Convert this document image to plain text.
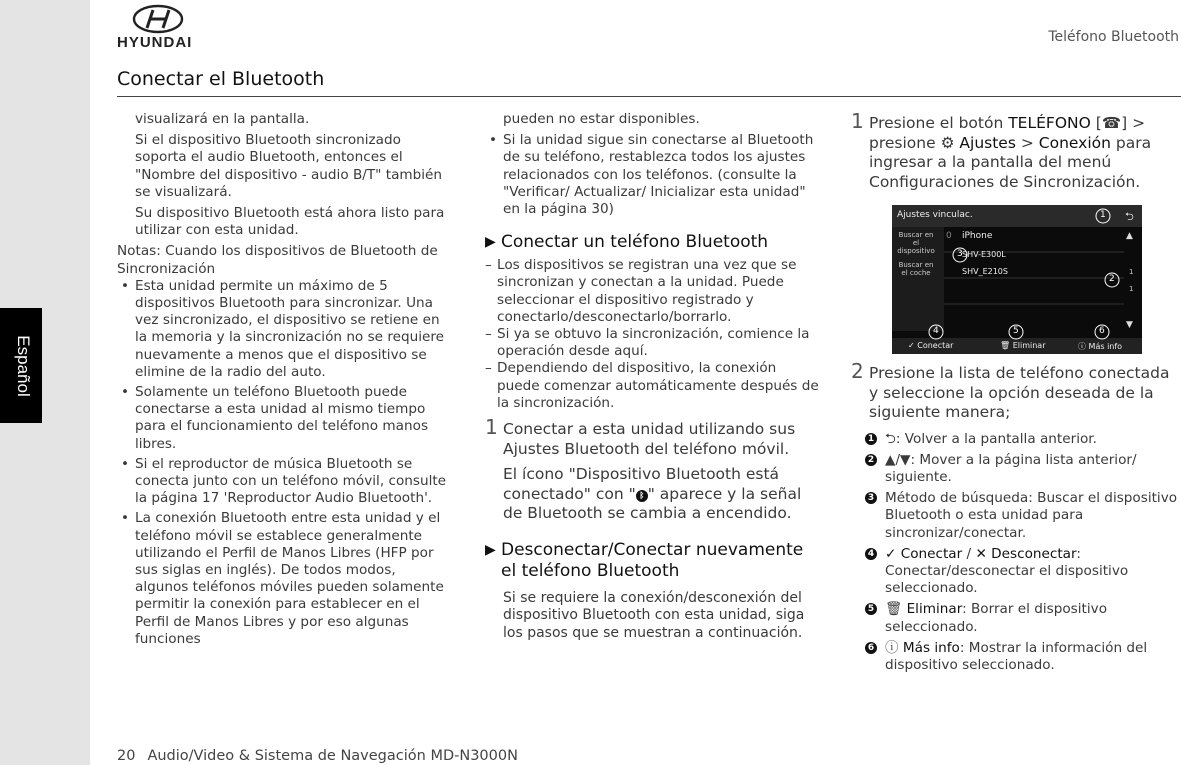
Español
HYUNDAI	Teléfono Bluetooth
Conectar el Bluetooth

visualizará en la pantalla.

Si el dispositivo Bluetooth sincronizado soporta el audio Bluetooth, entonces el "Nombre del dispositivo - audio B/T" también se visualizará.

Su dispositivo Bluetooth está ahora listo para utilizar con esta unidad.

Notas: Cuando los dispositivos de Bluetooth de Sincronización

• Esta unidad permite un máximo de 5 dispositivos Bluetooth para sincronizar. Una vez sincronizado, el dispositivo se retiene en la memoria y la sincronización no se requiere nuevamente a menos que el dispositivo se elimine de la radio del auto.

• Solamente un teléfono Bluetooth puede conectarse a esta unidad al mismo tiempo para el funcionamiento del teléfono manos libres.

• Si el reproductor de música Bluetooth se conecta junto con un teléfono móvil, consulte la página 17 'Reproductor Audio Bluetooth'.

• La conexión Bluetooth entre esta unidad y el teléfono móvil se establece generalmente utilizando el Perfil de Manos Libres (HFP por sus siglas en inglés). De todos modos, algunos teléfonos móviles pueden solamente permitir la conexión para establecer en el Perfil de Manos Libres y por eso algunas funciones

pueden no estar disponibles.

• Si la unidad sigue sin conectarse al Bluetooth de su teléfono, restablezca todos los ajustes relacionados con los teléfonos. (consulte la "Verificar/ Actualizar/ Inicializar esta unidad" en la página 30)

▶ Conectar un teléfono Bluetooth

– Los dispositivos se registran una vez que se sincronizan y conectan a la unidad. Puede seleccionar el dispositivo registrado y conectarlo/desconectarlo/borrarlo.

– Si ya se obtuvo la sincronización, comience la operación desde aquí.

– Dependiendo del dispositivo, la conexión puede comenzar automáticamente después de la sincronización.

1 Conectar a esta unidad utilizando sus Ajustes Bluetooth del teléfono móvil.

El ícono "Dispositivo Bluetooth está conectado" con " ᛒ " aparece y la señal de Bluetooth se cambia a encendido.

▶ Desconectar/Conectar nuevamente el teléfono Bluetooth

Si se requiere la conexión/desconexión del dispositivo Bluetooth con esta unidad, siga los pasos que se muestran a continuación.

1 Presione el botón TELÉFONO [☎] > presione ⚙ Ajustes > Conexión para ingresar a la pantalla del menú Configuraciones de Sincronización.

Ajustes vinculac.	⮌
1
Buscar en el dispositivo
Buscar en el coche
3
0 iPhone
SHV-E300L
SHV_E210S
▲
1
1
2
▼
4	5	6
✓ Conectar	🗑 Eliminar	ⓘ Más info

2 Presione la lista de teléfono conectada y seleccione la opción deseada de la siguiente manera;

1 ⮌: Volver a la pantalla anterior.

2 ▲/▼: Mover a la página lista anterior/ siguiente.

3 Método de búsqueda: Buscar el dispositivo Bluetooth o esta unidad para sincronizar/conectar.

4 ✓ Conectar / ✕ Desconectar: Conectar/desconectar el dispositivo seleccionado.

5 🗑 Eliminar: Borrar el dispositivo seleccionado.

6 ⓘ Más info: Mostrar la información del dispositivo seleccionado.

20 Audio/Video & Sistema de Navegación MD-N3000N
